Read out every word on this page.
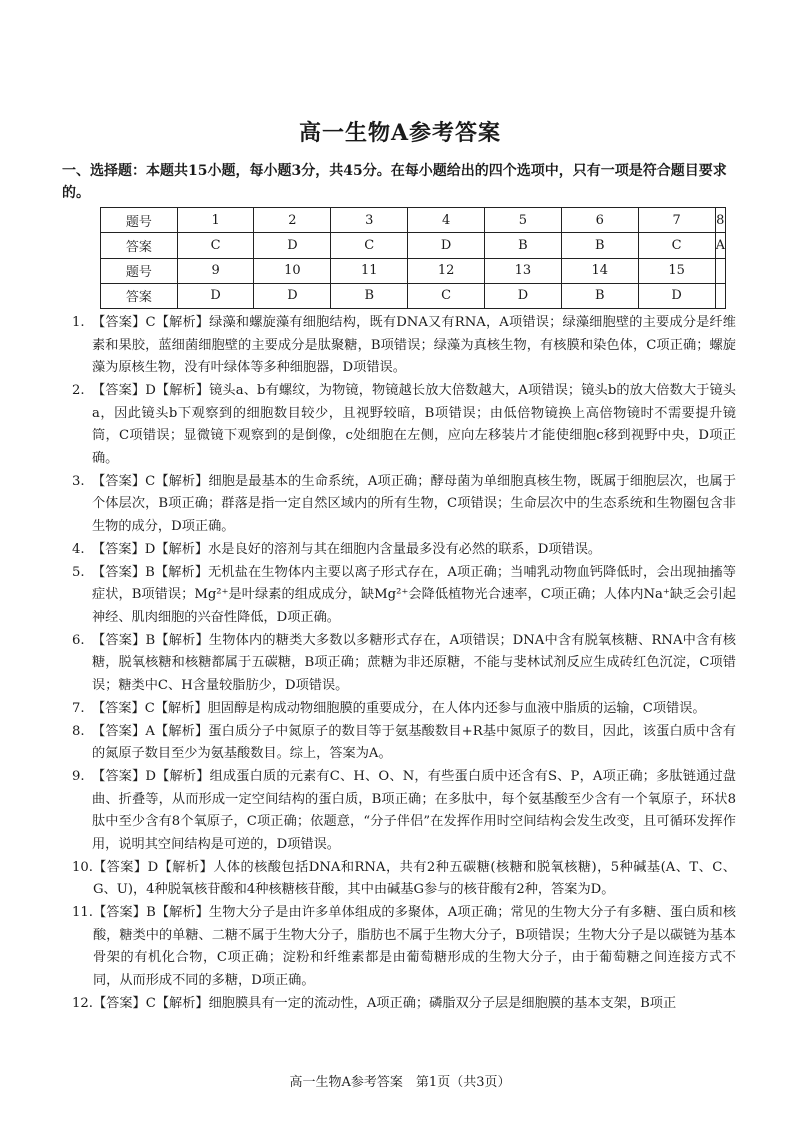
高一生物A参考答案
一、选择题：本题共15小题，每小题3分，共45分。在每小题给出的四个选项中，只有一项是符合题目要求的。
题号	1	2	3	4	5	6	7	8
答案	C	D	C	D	B	B	C	A
题号	9	10	11	12	13	14	15	
答案	D	D	B	C	D	B	D	
1. 【答案】C【解析】绿藻和螺旋藻有细胞结构，既有DNA又有RNA，A项错误；绿藻细胞壁的主要成分是纤维素和果胶，蓝细菌细胞壁的主要成分是肽聚糖，B项错误；绿藻为真核生物，有核膜和染色体，C项正确；螺旋藻为原核生物，没有叶绿体等多种细胞器，D项错误。
2. 【答案】D【解析】镜头a、b有螺纹，为物镜，物镜越长放大倍数越大，A项错误；镜头b的放大倍数大于镜头a，因此镜头b下观察到的细胞数目较少，且视野较暗，B项错误；由低倍物镜换上高倍物镜时不需要提升镜筒，C项错误；显微镜下观察到的是倒像，c处细胞在左侧，应向左移装片才能使细胞c移到视野中央，D项正确。
3. 【答案】C【解析】细胞是最基本的生命系统，A项正确；酵母菌为单细胞真核生物，既属于细胞层次，也属于个体层次，B项正确；群落是指一定自然区域内的所有生物，C项错误；生命层次中的生态系统和生物圈包含非生物的成分，D项正确。
4. 【答案】D【解析】水是良好的溶剂与其在细胞内含量最多没有必然的联系，D项错误。
5. 【答案】B【解析】无机盐在生物体内主要以离子形式存在，A项正确；当哺乳动物血钙降低时，会出现抽搐等症状，B项错误；Mg²⁺是叶绿素的组成成分，缺Mg²⁺会降低植物光合速率，C项正确；人体内Na⁺缺乏会引起神经、肌肉细胞的兴奋性降低，D项正确。
6. 【答案】B【解析】生物体内的糖类大多数以多糖形式存在，A项错误；DNA中含有脱氧核糖、RNA中含有核糖，脱氧核糖和核糖都属于五碳糖，B项正确；蔗糖为非还原糖，不能与斐林试剂反应生成砖红色沉淀，C项错误；糖类中C、H含量较脂肪少，D项错误。
7. 【答案】C【解析】胆固醇是构成动物细胞膜的重要成分，在人体内还参与血液中脂质的运输，C项错误。
8. 【答案】A【解析】蛋白质分子中氮原子的数目等于氨基酸数目+R基中氮原子的数目，因此，该蛋白质中含有的氮原子数目至少为氨基酸数目。综上，答案为A。
9. 【答案】D【解析】组成蛋白质的元素有C、H、O、N，有些蛋白质中还含有S、P，A项正确；多肽链通过盘曲、折叠等，从而形成一定空间结构的蛋白质，B项正确；在多肽中，每个氨基酸至少含有一个氧原子，环状8肽中至少含有8个氧原子，C项正确；依题意，“分子伴侣”在发挥作用时空间结构会发生改变，且可循环发挥作用，说明其空间结构是可逆的，D项错误。
10. 【答案】D【解析】人体的核酸包括DNA和RNA，共有2种五碳糖(核糖和脱氧核糖)，5种碱基(A、T、C、G、U)，4种脱氧核苷酸和4种核糖核苷酸，其中由碱基G参与的核苷酸有2种，答案为D。
11. 【答案】B【解析】生物大分子是由许多单体组成的多聚体，A项正确；常见的生物大分子有多糖、蛋白质和核酸，糖类中的单糖、二糖不属于生物大分子，脂肪也不属于生物大分子，B项错误；生物大分子是以碳链为基本骨架的有机化合物，C项正确；淀粉和纤维素都是由葡萄糖形成的生物大分子，由于葡萄糖之间连接方式不同，从而形成不同的多糖，D项正确。
12. 【答案】C【解析】细胞膜具有一定的流动性，A项正确；磷脂双分子层是细胞膜的基本支架，B项正
高一生物A参考答案　第1页（共3页）
